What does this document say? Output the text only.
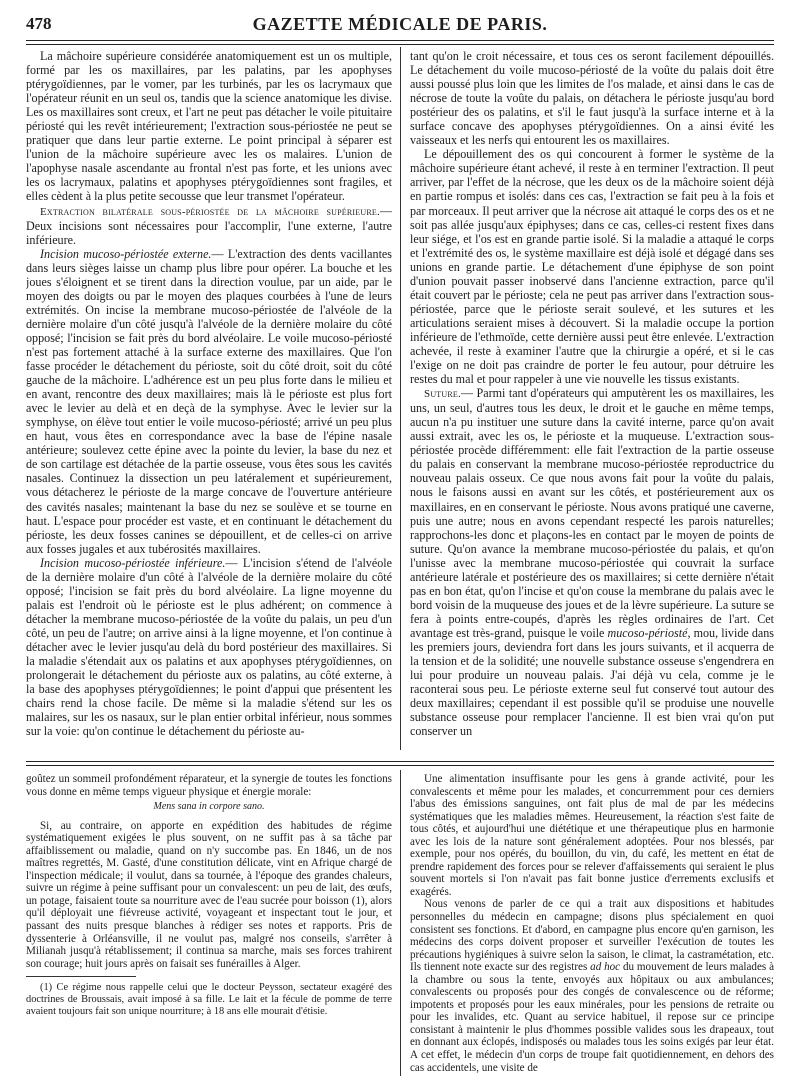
478	GAZETTE MÉDICALE DE PARIS.

La mâchoire supérieure considérée anatomiquement est un os multiple, formé par les os maxillaires, par les palatins, par les apophyses ptérygoïdiennes, par le vomer, par les turbinés, par les os lacrymaux que l'opérateur réunit en un seul os, tandis que la science anatomique les divise. Les os maxillaires sont creux, et l'art ne peut pas détacher le voile pituitaire périosté qui les revêt intérieurement; l'extraction sous-périostée ne peut se pratiquer que dans leur partie externe. Le point principal à séparer est l'union de la mâchoire supérieure avec les os malaires. L'union de l'apophyse nasale ascendante au frontal n'est pas forte, et les unions avec les os lacrymaux, palatins et apophyses ptérygoïdiennes sont fragiles, et elles cèdent à la plus petite secousse que leur transmet l'opérateur.

Extraction bilatérale sous-périostée de la mâchoire supérieure.— Deux incisions sont nécessaires pour l'accomplir, l'une externe, l'autre inférieure.

Incision mucoso-périostée externe.— L'extraction des dents vacillantes dans leurs sièges laisse un champ plus libre pour opérer. La bouche et les joues s'éloignent et se tirent dans la direction voulue, par un aide, par le moyen des doigts ou par le moyen des plaques courbées à l'une de leurs extrémités. On incise la membrane mucoso-périostée de l'alvéole de la dernière molaire d'un côté jusqu'à l'alvéole de la dernière molaire du côté opposé; l'incision se fait près du bord alvéolaire. Le voile mucoso-périosté n'est pas fortement attaché à la surface externe des maxillaires. Que l'on fasse procéder le détachement du périoste, soit du côté droit, soit du côté gauche de la mâchoire. L'adhérence est un peu plus forte dans le milieu et en avant, rencontre des deux maxillaires; mais là le périoste est plus fort avec le levier au delà et en deçà de la symphyse. Avec le levier sur la symphyse, on élève tout entier le voile mucoso-périosté; arrivé un peu plus en haut, vous êtes en correspondance avec la base de l'épine nasale antérieure; soulevez cette épine avec la pointe du levier, la base du nez et de son cartilage est détachée de la partie osseuse, vous êtes sous les cavités nasales. Continuez la dissection un peu latéralement et supérieurement, vous détacherez le périoste de la marge concave de l'ouverture antérieure des cavités nasales; maintenant la base du nez se soulève et se tourne en haut. L'espace pour procéder est vaste, et en continuant le détachement du périoste, les deux fosses canines se dépouillent, et de celles-ci on arrive aux fosses jugales et aux tubérosités maxillaires.

Incision mucoso-périostée inférieure.— L'incision s'étend de l'alvéole de la dernière molaire d'un côté à l'alvéole de la dernière molaire du côté opposé; l'incision se fait près du bord alvéolaire. La ligne moyenne du palais est l'endroit où le périoste est le plus adhérent; on commence à détacher la membrane mucoso-périostée de la voûte du palais, un peu d'un côté, un peu de l'autre; on arrive ainsi à la ligne moyenne, et l'on continue à détacher avec le levier jusqu'au delà du bord postérieur des maxillaires. Si la maladie s'étendait aux os palatins et aux apophyses ptérygoïdiennes, on prolongerait le détachement du périoste aux os palatins, au côté externe, à la base des apophyses ptérygoïdiennes; le point d'appui que présentent les chairs rend la chose facile. De même si la maladie s'étend sur les os malaires, sur les os nasaux, sur le plan entier orbital inférieur, nous sommes sur la voie: qu'on continue le détachement du périoste au-

tant qu'on le croit nécessaire, et tous ces os seront facilement dépouillés. Le détachement du voile mucoso-périosté de la voûte du palais doit être aussi poussé plus loin que les limites de l'os malade, et ainsi dans le cas de nécrose de toute la voûte du palais, on détachera le périoste jusqu'au bord postérieur des os palatins, et s'il le faut jusqu'à la surface interne et à la surface concave des apophyses ptérygoïdiennes. On a ainsi évité les vaisseaux et les nerfs qui entourent les os maxillaires.

Le dépouillement des os qui concourent à former le système de la mâchoire supérieure étant achevé, il reste à en terminer l'extraction. Il peut arriver, par l'effet de la nécrose, que les deux os de la mâchoire soient déjà en partie rompus et isolés: dans ces cas, l'extraction se fait peu à la fois et par morceaux. Il peut arriver que la nécrose ait attaqué le corps des os et ne soit pas allée jusqu'aux épiphyses; dans ce cas, celles-ci restent fixes dans leur siége, et l'os est en grande partie isolé. Si la maladie a attaqué le corps et l'extrémité des os, le système maxillaire est déjà isolé et dégagé dans ses unions en grande partie. Le détachement d'une épiphyse de son point d'union pouvait passer inobservé dans l'ancienne extraction, parce qu'il était couvert par le périoste; cela ne peut pas arriver dans l'extraction sous-périostée, parce que le périoste serait soulevé, et les sutures et les articulations seraient mises à découvert. Si la maladie occupe la portion inférieure de l'ethmoïde, cette dernière aussi peut être enlevée. L'extraction achevée, il reste à examiner l'autre que la chirurgie a opéré, et si le cas l'exige on ne doit pas craindre de porter le feu autour, pour détruire les restes du mal et pour rappeler à une vie nouvelle les tissus existants.

Suture.— Parmi tant d'opérateurs qui amputèrent les os maxillaires, les uns, un seul, d'autres tous les deux, le droit et le gauche en même temps, aucun n'a pu instituer une suture dans la cavité interne, parce qu'on avait aussi extrait, avec les os, le périoste et la muqueuse. L'extraction sous-périostée procède différemment: elle fait l'extraction de la partie osseuse du palais en conservant la membrane mucoso-périostée reproductrice du nouveau palais osseux. Ce que nous avons fait pour la voûte du palais, nous le faisons aussi en avant sur les côtés, et postérieurement aux os maxillaires, en en conservant le périoste. Nous avons pratiqué une caverne, puis une autre; nous en avons cependant respecté les parois naturelles; rapprochons-les donc et plaçons-les en contact par le moyen de points de suture. Qu'on avance la membrane mucoso-périostée du palais, et qu'on l'unisse avec la membrane mucoso-périostée qui couvrait la surface antérieure latérale et postérieure des os maxillaires; si cette dernière n'était pas en bon état, qu'on l'incise et qu'on couse la membrane du palais avec le bord voisin de la muqueuse des joues et de la lèvre supérieure. La suture se fera à points entre-coupés, d'après les règles ordinaires de l'art. Cet avantage est très-grand, puisque le voile mucoso-périosté, mou, livide dans les premiers jours, deviendra fort dans les jours suivants, et il acquerra de la tension et de la solidité; une nouvelle substance osseuse s'engendrera en lui pour produire un nouveau palais. J'ai déjà vu cela, comme je le raconterai sous peu. Le périoste externe seul fut conservé tout autour des deux maxillaires; cependant il est possible qu'il se produise une nouvelle substance osseuse pour remplacer l'ancienne. Il est bien vrai qu'on put conserver un

goûtez un sommeil profondément réparateur, et la synergie de toutes les fonctions vous donne en même temps vigueur physique et énergie morale:

Mens sana in corpore sano.

Si, au contraire, on apporte en expédition des habitudes de régime systématiquement exigées le plus souvent, on ne suffit pas à sa tâche par affaiblissement ou maladie, quand on n'y succombe pas. En 1846, un de nos maîtres regrettés, M. Gasté, d'une constitution délicate, vint en Afrique chargé de l'inspection médicale; il voulut, dans sa tournée, à l'époque des grandes chaleurs, suivre un régime à peine suffisant pour un convalescent: un peu de lait, des œufs, un potage, faisaient toute sa nourriture avec de l'eau sucrée pour boisson (1), alors qu'il déployait une fiévreuse activité, voyageant et inspectant tout le jour, et passant des nuits presque blanches à rédiger ses notes et rapports. Pris de dyssenterie à Orléansville, il ne voulut pas, malgré nos conseils, s'arrêter à Milianah jusqu'à rétablissement; il continua sa marche, mais ses forces trahirent son courage; huit jours après on faisait ses funérailles à Alger.

(1) Ce régime nous rappelle celui que le docteur Peysson, sectateur exagéré des doctrines de Broussais, avait imposé à sa fille. Le lait et la fécule de pomme de terre avaient toujours fait son unique nourriture; à 18 ans elle mourait d'étisie.

Une alimentation insuffisante pour les gens à grande activité, pour les convalescents et même pour les malades, et concurremment pour ces derniers l'abus des émissions sanguines, ont fait plus de mal de par les médecins systématiques que les maladies mêmes. Heureusement, la réaction s'est faite de tous côtés, et aujourd'hui une diététique et une thérapeutique plus en harmonie avec les lois de la nature sont généralement adoptées. Pour nos blessés, par exemple, pour nos opérés, du bouillon, du vin, du café, les mettent en état de prendre rapidement des forces pour se relever d'affaissements qui seraient le plus souvent mortels si l'on n'avait pas fait bonne justice d'errements exclusifs et exagérés.

Nous venons de parler de ce qui a trait aux dispositions et habitudes personnelles du médecin en campagne; disons plus spécialement en quoi consistent ses fonctions. Et d'abord, en campagne plus encore qu'en garnison, les médecins des corps doivent proposer et surveiller l'exécution de toutes les précautions hygiéniques à suivre selon la saison, le climat, la castramétation, etc. Ils tiennent note exacte sur des registres ad hoc du mouvement de leurs malades à la chambre ou sous la tente, envoyés aux hôpitaux ou aux ambulances; convalescents ou proposés pour des congés de convalescence ou de réforme; impotents et proposés pour les eaux minérales, pour les pensions de retraite ou pour les invalides, etc. Quant au service habituel, il repose sur ce principe consistant à maintenir le plus d'hommes possible valides sous les drapeaux, tout en donnant aux éclopés, indisposés ou malades tous les soins exigés par leur état. A cet effet, le médecin d'un corps de troupe fait quotidiennement, en dehors des cas accidentels, une visite de
